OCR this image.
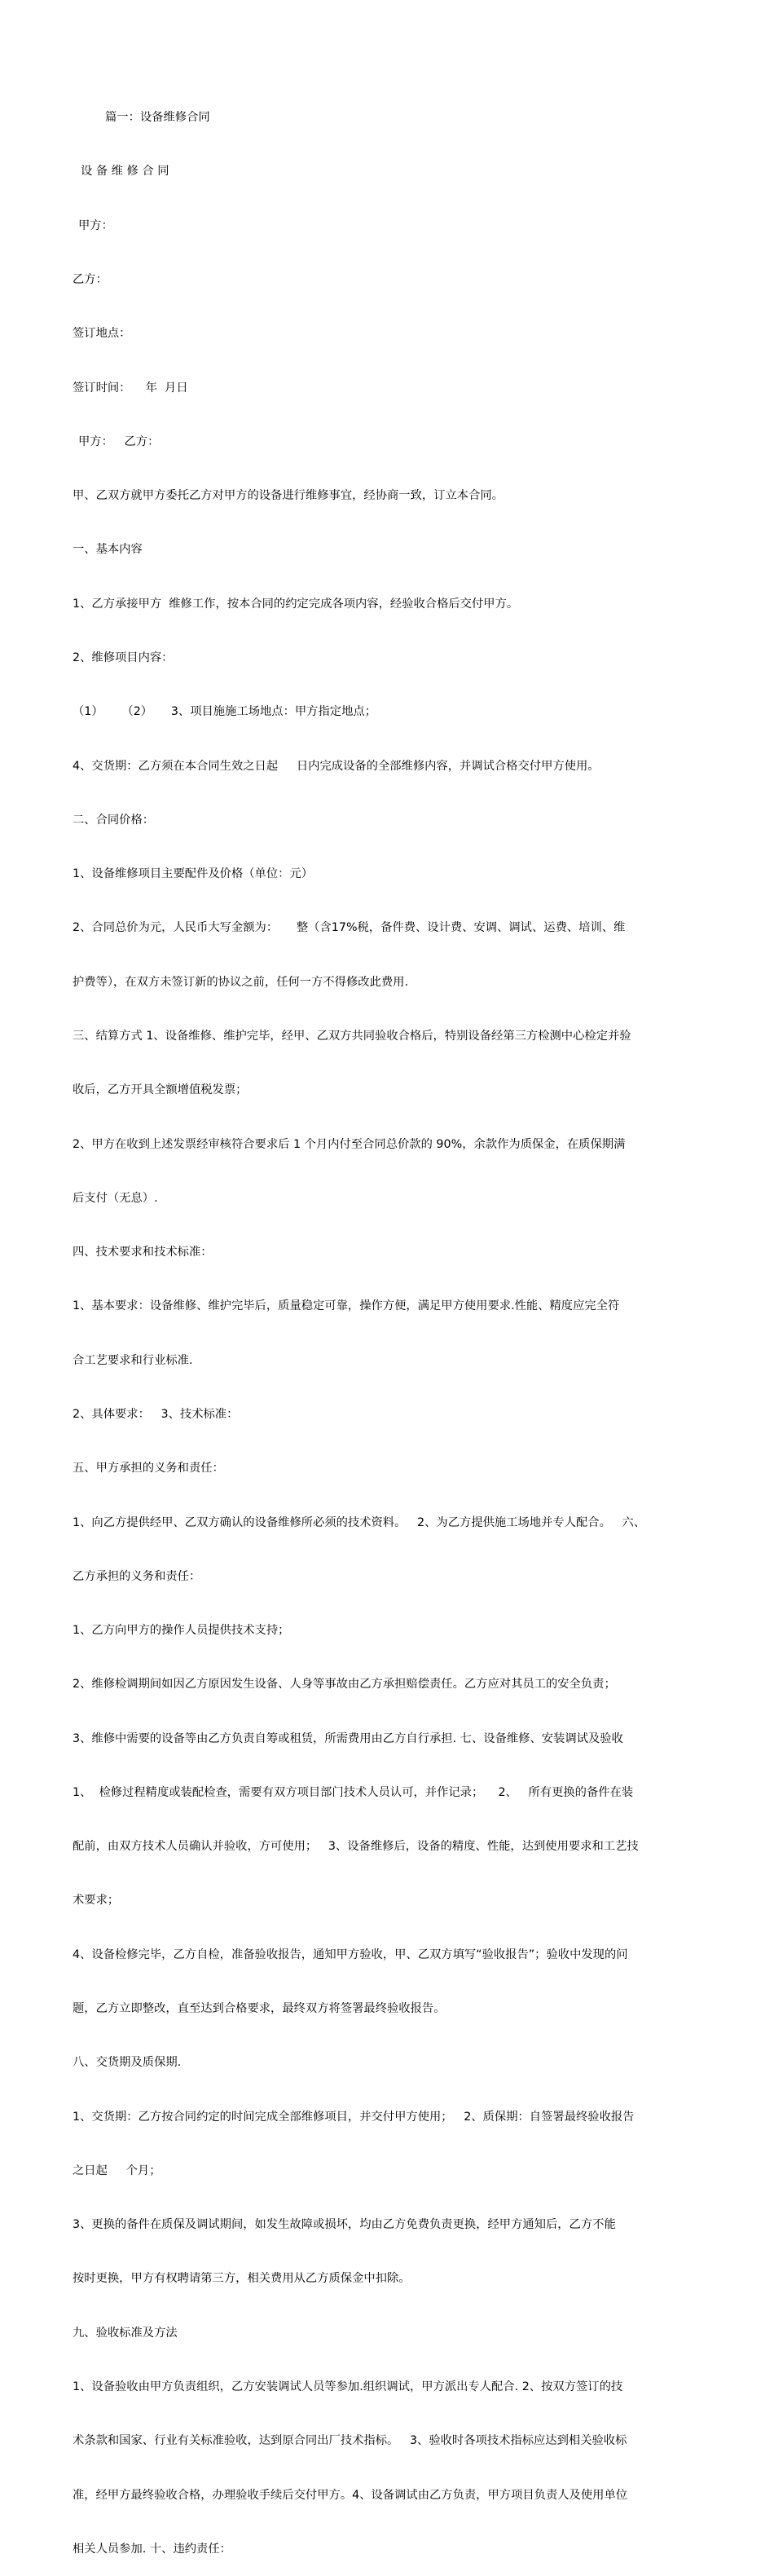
篇一：设备维修合同

设 备 维 修 合 同

甲方：

乙方：

签订地点：

签订时间：    年  月日

甲方：   乙方：

甲、乙双方就甲方委托乙方对甲方的设备进行维修事宜，经协商一致，订立本合同。

一、基本内容

1、乙方承接甲方  维修工作，按本合同的约定完成各项内容，经验收合格后交付甲方。

2、维修项目内容：

（1）     （2）     3、项目施施工场地点：甲方指定地点；

4、交货期：乙方须在本合同生效之日起     日内完成设备的全部维修内容，并调试合格交付甲方使用。

二、合同价格：

1、设备维修项目主要配件及价格（单位：元）

2、合同总价为元，人民币大写金额为：     整（含17%税，备件费、设计费、安调、调试、运费、培训、维

护费等），在双方未签订新的协议之前，任何一方不得修改此费用.

三、结算方式 1、设备维修、维护完毕，经甲、乙双方共同验收合格后，特别设备经第三方检测中心检定并验

收后，乙方开具全额增值税发票；

2、甲方在收到上述发票经审核符合要求后 1 个月内付至合同总价款的 90%，余款作为质保金，在质保期满

后支付（无息）.

四、技术要求和技术标准：

1、基本要求：设备维修、维护完毕后，质量稳定可靠，操作方便，满足甲方使用要求.性能、精度应完全符

合工艺要求和行业标准.

2、具体要求：   3、技术标准：

五、甲方承担的义务和责任：

1、向乙方提供经甲、乙双方确认的设备维修所必须的技术资料。   2、为乙方提供施工场地并专人配合。   六、

乙方承担的义务和责任：

1、乙方向甲方的操作人员提供技术支持；

2、维修检调期间如因乙方原因发生设备、人身等事故由乙方承担赔偿责任。乙方应对其员工的安全负责；

3、维修中需要的设备等由乙方负责自筹或租赁，所需费用由乙方自行承担. 七、设备维修、安装调试及验收

1、  检修过程精度或装配检查，需要有双方项目部门技术人员认可，并作记录；    2、   所有更换的备件在装

配前，由双方技术人员确认并验收，方可使用；   3、设备维修后，设备的精度、性能，达到使用要求和工艺技

术要求；

4、设备检修完毕，乙方自检，准备验收报告，通知甲方验收，甲、乙双方填写“验收报告”；验收中发现的问

题，乙方立即整改，直至达到合格要求，最终双方将签署最终验收报告。

八、交货期及质保期.

1、交货期：乙方按合同约定的时间完成全部维修项目，并交付甲方使用；   2、质保期：自签署最终验收报告

之日起     个月；

3、更换的备件在质保及调试期间，如发生故障或损坏，均由乙方免费负责更换，经甲方通知后，乙方不能

按时更换，甲方有权聘请第三方，相关费用从乙方质保金中扣除。

九、验收标准及方法

1、设备验收由甲方负责组织，乙方安装调试人员等参加.组织调试，甲方派出专人配合. 2、按双方签订的技

术条款和国家、行业有关标准验收，达到原合同出厂技术指标。   3、验收时各项技术指标应达到相关验收标

准，经甲方最终验收合格，办理验收手续后交付甲方。4、设备调试由乙方负责，甲方项目负责人及使用单位

相关人员参加. 十、违约责任：
